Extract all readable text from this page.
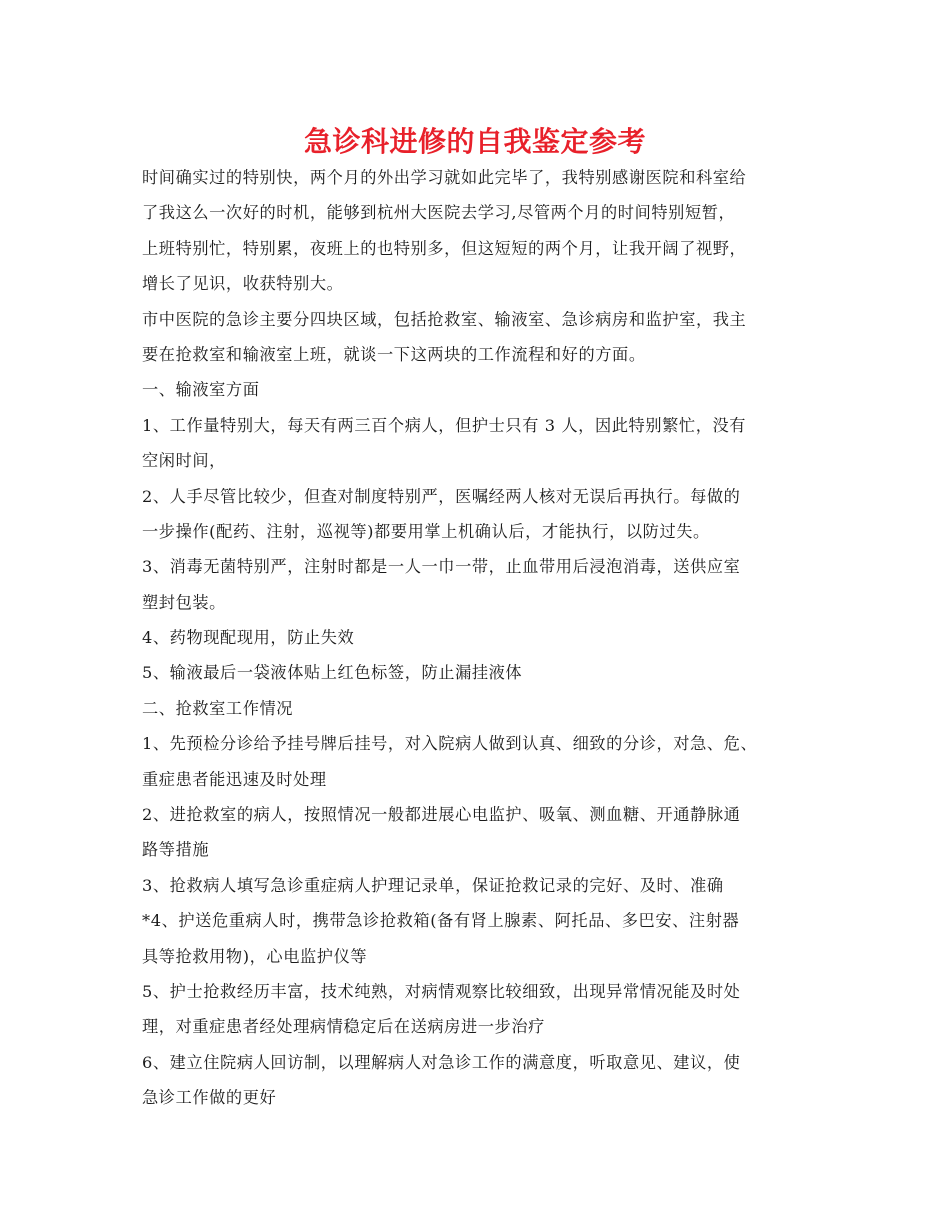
急诊科进修的自我鉴定参考
时间确实过的特别快，两个月的外出学习就如此完毕了，我特别感谢医院和科室给
了我这么一次好的时机，能够到杭州大医院去学习,尽管两个月的时间特别短暂，
上班特别忙，特别累，夜班上的也特别多，但这短短的两个月，让我开阔了视野，
增长了见识，收获特别大。
市中医院的急诊主要分四块区域，包括抢救室、输液室、急诊病房和监护室，我主
要在抢救室和输液室上班，就谈一下这两块的工作流程和好的方面。
一、输液室方面
1、工作量特别大，每天有两三百个病人，但护士只有 3 人，因此特别繁忙，没有
空闲时间，
2、人手尽管比较少，但查对制度特别严，医嘱经两人核对无误后再执行。每做的
一步操作(配药、注射，巡视等)都要用掌上机确认后，才能执行，以防过失。
3、消毒无菌特别严，注射时都是一人一巾一带，止血带用后浸泡消毒，送供应室
塑封包装。
4、药物现配现用，防止失效
5、输液最后一袋液体贴上红色标签，防止漏挂液体
二、抢救室工作情况
1、先预检分诊给予挂号牌后挂号，对入院病人做到认真、细致的分诊，对急、危、
重症患者能迅速及时处理
2、进抢救室的病人，按照情况一般都进展心电监护、吸氧、测血糖、开通静脉通
路等措施
3、抢救病人填写急诊重症病人护理记录单，保证抢救记录的完好、及时、准确
*4、护送危重病人时，携带急诊抢救箱(备有肾上腺素、阿托品、多巴安、注射器
具等抢救用物)，心电监护仪等
5、护士抢救经历丰富，技术纯熟，对病情观察比较细致，出现异常情况能及时处
理，对重症患者经处理病情稳定后在送病房进一步治疗
6、建立住院病人回访制，以理解病人对急诊工作的满意度，听取意见、建议，使
急诊工作做的更好
